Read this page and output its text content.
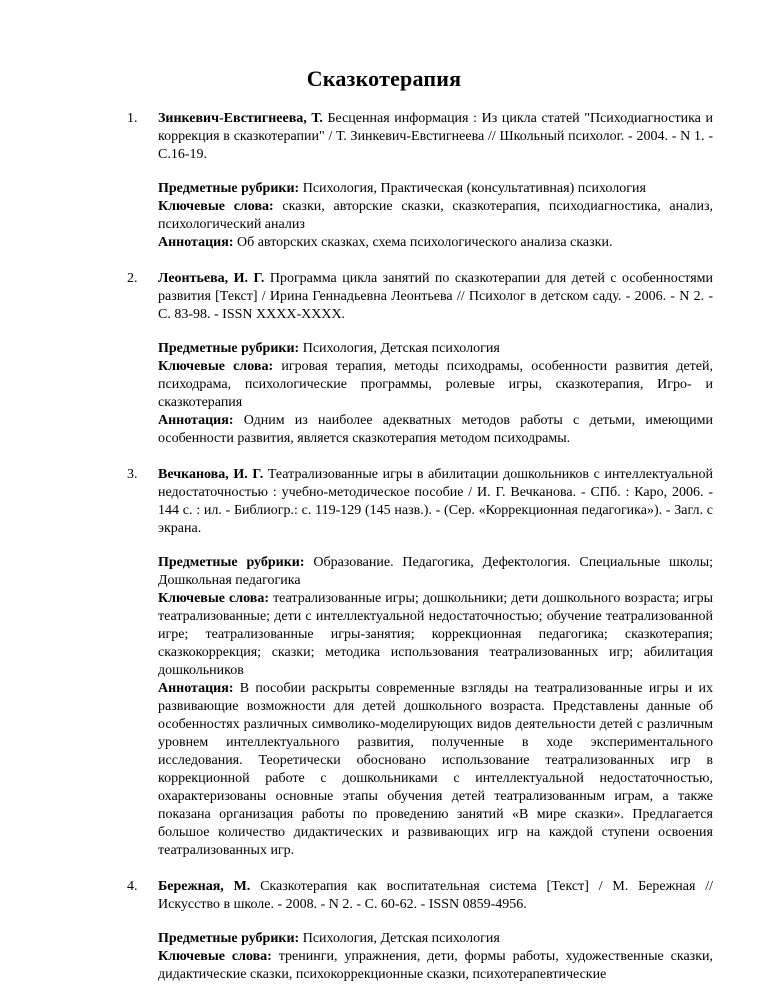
Сказкотерапия
1.	Зинкевич-Евстигнеева, Т. Бесценная информация : Из цикла статей "Психодиагностика и коррекция в сказкотерапии" / Т. Зинкевич-Евстигнеева // Школьный психолог. - 2004. - N 1. - С.16-19.

Предметные рубрики: Психология, Практическая (консультативная) психология

Ключевые слова: сказки, авторские сказки, сказкотерапия, психодиагностика, анализ, психологический анализ

Аннотация: Об авторских сказках, схема психологического анализа сказки.

2.	Леонтьева, И. Г. Программа цикла занятий по сказкотерапии для детей с особенностями развития [Текст] / Ирина Геннадьевна Леонтьева // Психолог в детском саду. - 2006. - N 2. - С. 83-98. - ISSN XXXX-XXXX.

Предметные рубрики: Психология, Детская психология

Ключевые слова: игровая терапия, методы психодрамы, особенности развития детей, психодрама, психологические программы, ролевые игры, сказкотерапия, Игро- и сказкотерапия

Аннотация: Одним из наиболее адекватных методов работы с детьми, имеющими особенности развития, является сказкотерапия методом психодрамы.

3.	Вечканова, И. Г. Театрализованные игры в абилитации дошкольников с интеллектуальной недостаточностью : учебно-методическое пособие / И. Г. Вечканова. - СПб. : Каро, 2006. - 144 с. : ил. - Библиогр.: с. 119-129 (145 назв.). - (Сер. «Коррекционная педагогика»). - Загл. с экрана.

Предметные рубрики: Образование. Педагогика, Дефектология. Специальные школы; Дошкольная педагогика

Ключевые слова: театрализованные игры; дошкольники; дети дошкольного возраста; игры театрализованные; дети с интеллектуальной недостаточностью; обучение театрализованной игре; театрализованные игры-занятия; коррекционная педагогика; сказкотерапия; сказкокоррекция; сказки; методика использования театрализованных игр; абилитация дошкольников

Аннотация: В пособии раскрыты современные взгляды на театрализованные игры и их развивающие возможности для детей дошкольного возраста. Представлены данные об особенностях различных символико-моделирующих видов деятельности детей с различным уровнем интеллектуального развития, полученные в ходе экспериментального исследования. Теоретически обосновано использование театрализованных игр в коррекционной работе с дошкольниками с интеллектуальной недостаточностью, охарактеризованы основные этапы обучения детей театрализованным играм, а также показана организация работы по проведению занятий «В мире сказки». Предлагается большое количество дидактических и развивающих игр на каждой ступени освоения театрализованных игр.

4.	Бережная, М. Сказкотерапия как воспитательная система [Текст] / М. Бережная // Искусство в школе. - 2008. - N 2. - С. 60-62. - ISSN 0859-4956.

Предметные рубрики: Психология, Детская психология

Ключевые слова: тренинги, упражнения, дети, формы работы, художественные сказки, дидактические сказки, психокоррекционные сказки, психотерапевтические
